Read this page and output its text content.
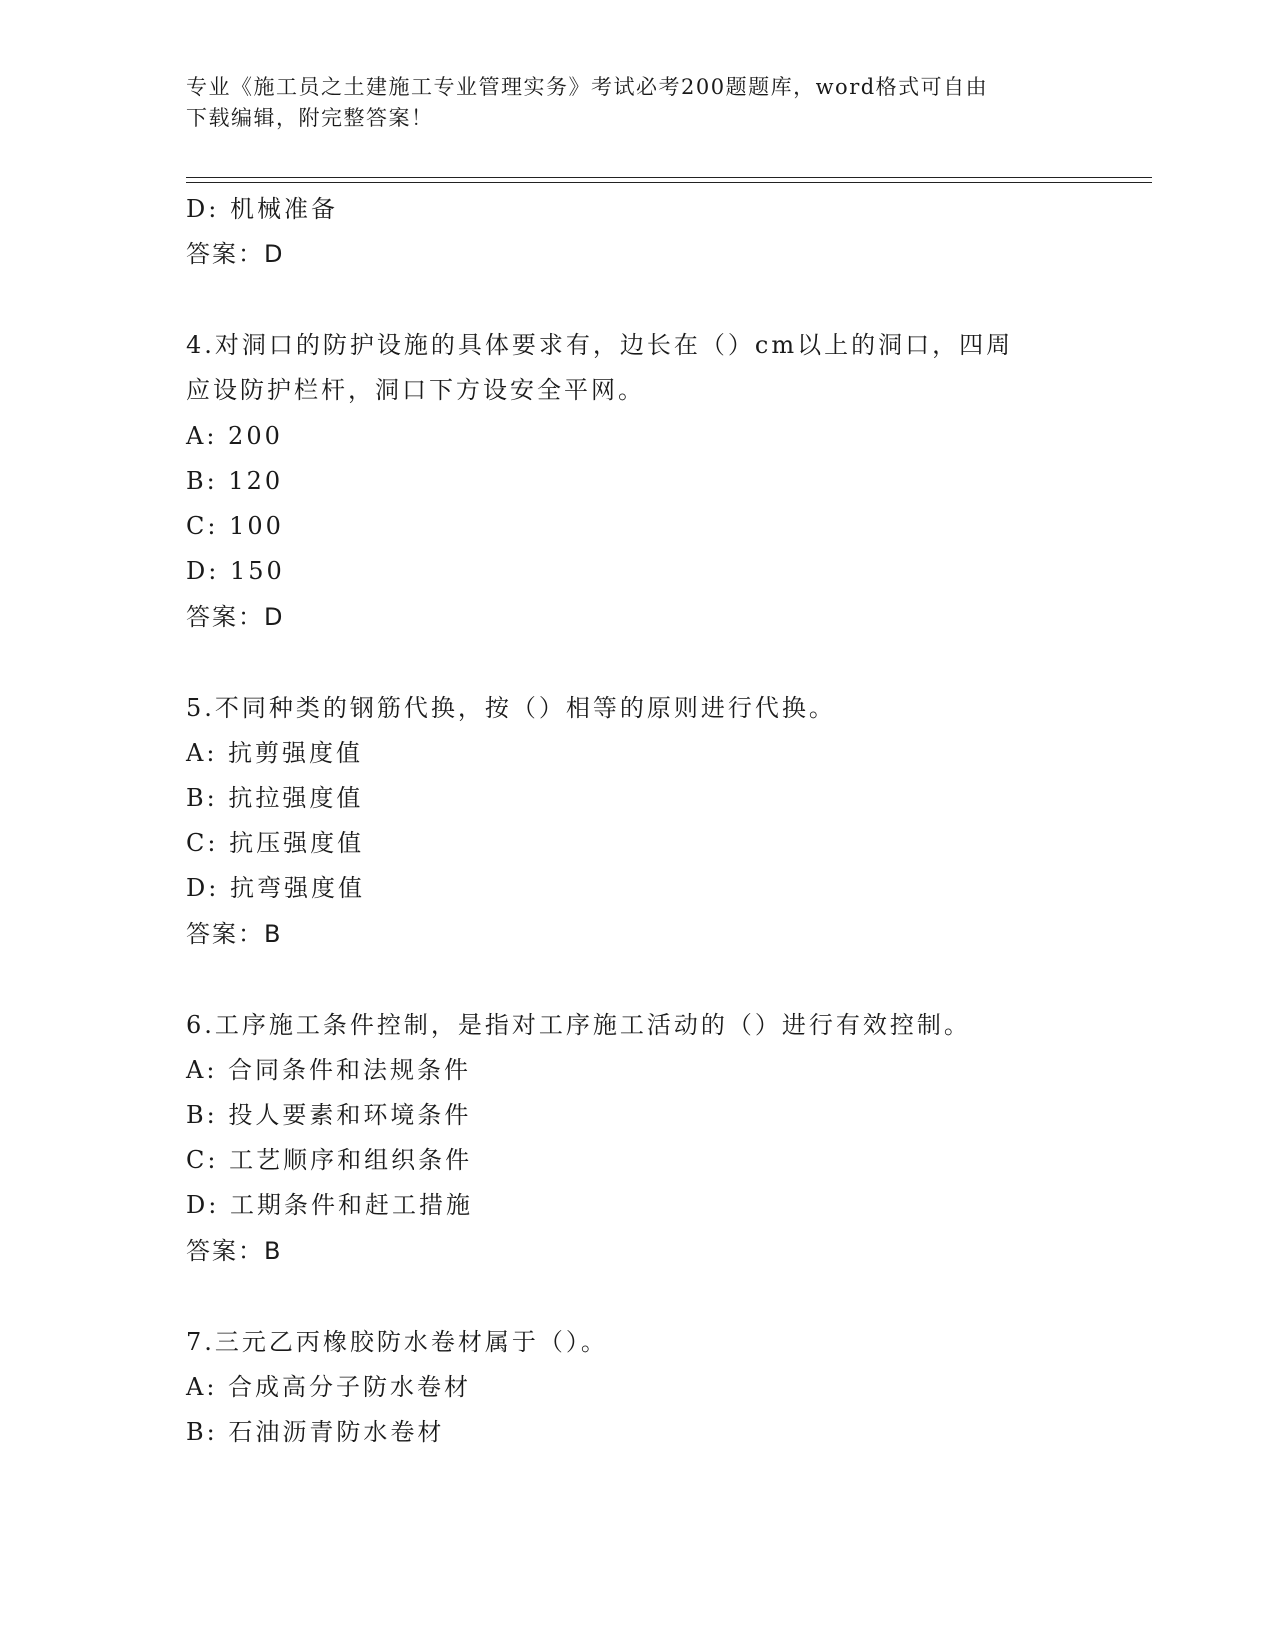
专业《施工员之土建施工专业管理实务》考试必考200题题库，word格式可自由
下载编辑，附完整答案！
D: 机械准备
答案：D
4.对洞口的防护设施的具体要求有，边长在（）cm以上的洞口，四周
应设防护栏杆，洞口下方设安全平网。
A: 200
B: 120
C: 100
D: 150
答案：D
5.不同种类的钢筋代换，按（）相等的原则进行代换。
A: 抗剪强度值
B: 抗拉强度值
C: 抗压强度值
D: 抗弯强度值
答案：B
6.工序施工条件控制，是指对工序施工活动的（）进行有效控制。
A: 合同条件和法规条件
B: 投人要素和环境条件
C: 工艺顺序和组织条件
D: 工期条件和赶工措施
答案：B
7.三元乙丙橡胶防水卷材属于（）。
A: 合成高分子防水卷材
B: 石油沥青防水卷材
